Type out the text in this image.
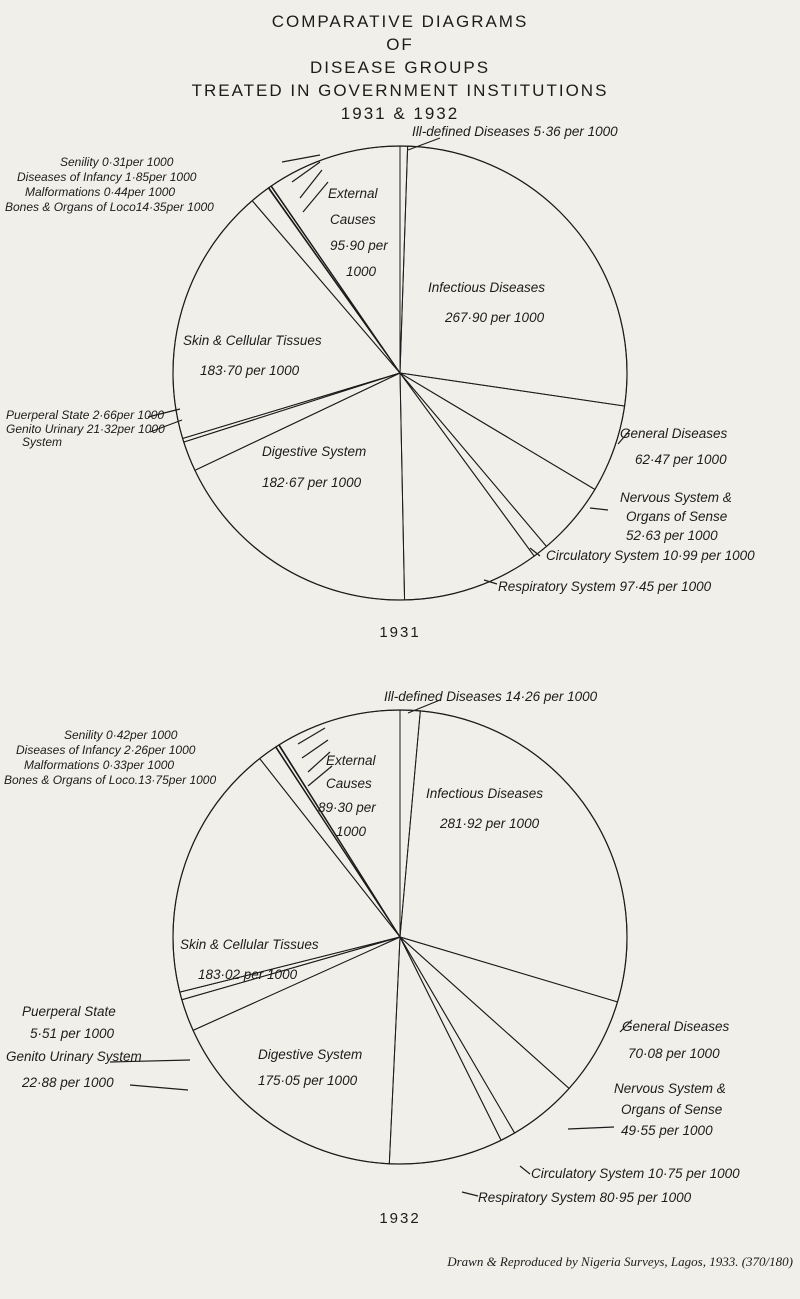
COMPARATIVE DIAGRAMS
OF
DISEASE GROUPS
TREATED IN GOVERNMENT INSTITUTIONS
1931 & 1932
Ill-defined Diseases 5·36 per 1000
Infectious Diseases
267·90 per 1000
General Diseases
62·47 per 1000
Nervous System &
Organs of Sense
52·63 per 1000
Circulatory System 10·99 per 1000
Respiratory System 97·45 per 1000
Digestive System
182·67 per 1000
Genito Urinary 21·32per 1000
System
Puerperal State 2·66per 1000
Skin & Cellular Tissues
183·70 per 1000
Bones & Organs of Loco14·35per 1000
Malformations 0·44per 1000
Diseases of Infancy 1·85per 1000
Senility 0·31per 1000
External
Causes
95·90 per
1000
1931
Ill-defined Diseases 14·26 per 1000
Infectious Diseases
281·92 per 1000
General Diseases
70·08 per 1000
Nervous System &
Organs of Sense
49·55 per 1000
Circulatory System 10·75 per 1000
Respiratory System 80·95 per 1000
Digestive System
175·05 per 1000
Genito Urinary System
22·88 per 1000
Puerperal State
5·51 per 1000
Skin & Cellular Tissues
183·02 per 1000
Bones & Organs of Loco.13·75per 1000
Malformations 0·33per 1000
Diseases of Infancy 2·26per 1000
Senility 0·42per 1000
External
Causes
89·30 per
1000
1932
Drawn & Reproduced by Nigeria Surveys, Lagos, 1933. (370/180)
